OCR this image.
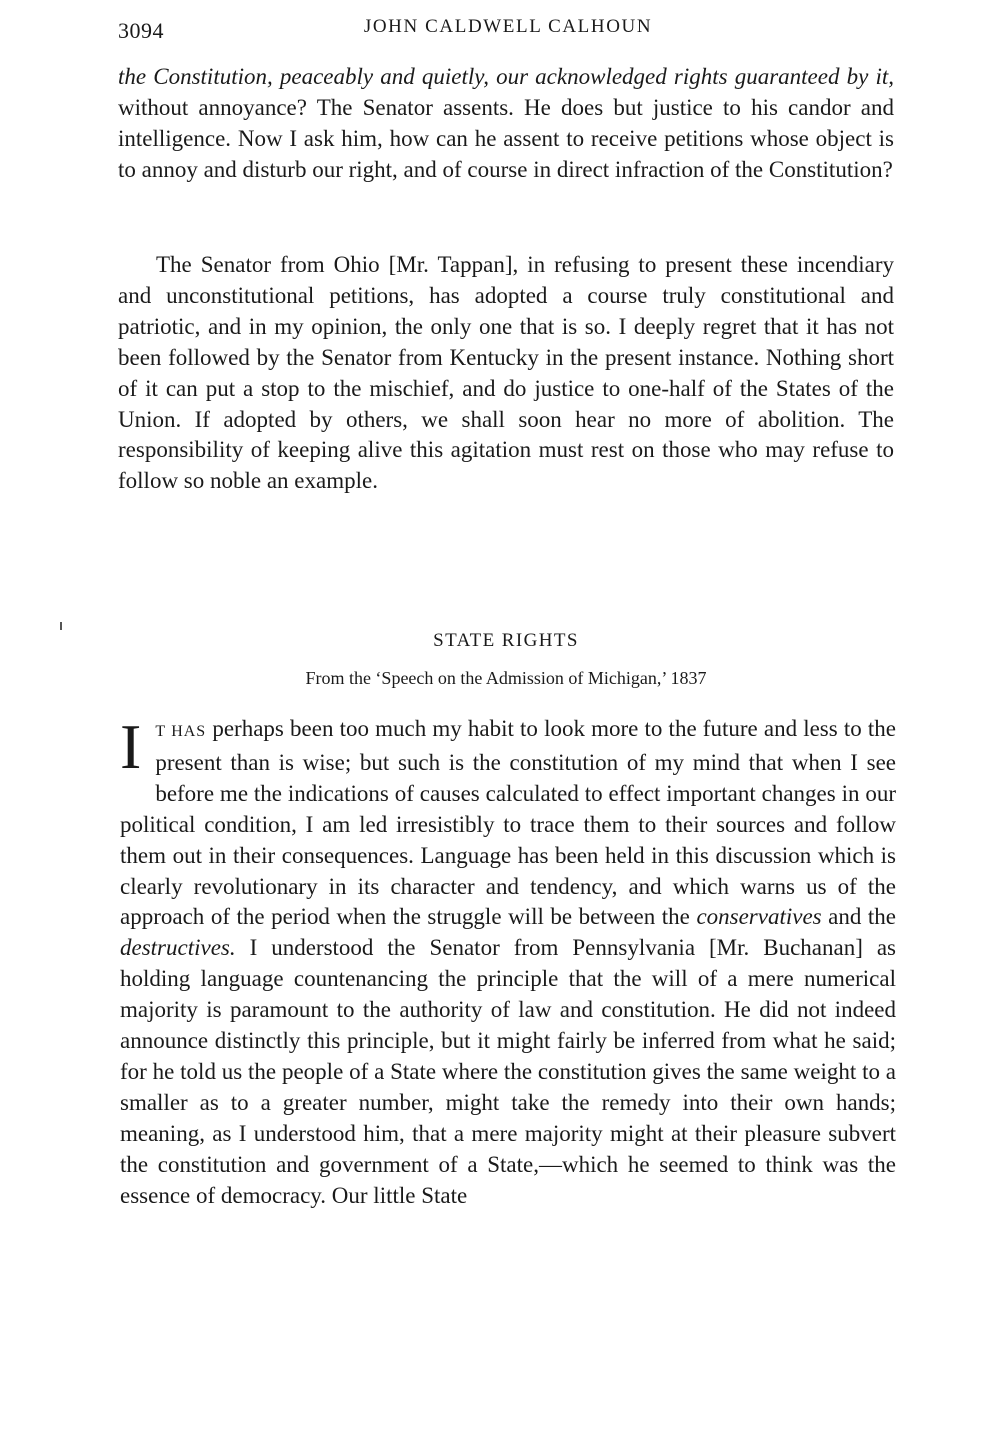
3094	JOHN CALDWELL CALHOUN

the Constitution, peaceably and quietly, our acknowledged rights guaranteed by it, without annoyance? The Senator assents. He does but justice to his candor and intelligence. Now I ask him, how can he assent to receive petitions whose object is to annoy and disturb our right, and of course in direct infraction of the Constitution?

The Senator from Ohio [Mr. Tappan], in refusing to present these incendiary and unconstitutional petitions, has adopted a course truly constitutional and patriotic, and in my opinion, the only one that is so. I deeply regret that it has not been followed by the Senator from Kentucky in the present instance. Nothing short of it can put a stop to the mischief, and do justice to one-half of the States of the Union. If adopted by others, we shall soon hear no more of abolition. The responsibility of keeping alive this agitation must rest on those who may refuse to follow so noble an example.

STATE RIGHTS
From the ‘Speech on the Admission of Michigan,’ 1837

I T HAS perhaps been too much my habit to look more to the future and less to the present than is wise; but such is the constitution of my mind that when I see before me the indications of causes calculated to effect important changes in our political condition, I am led irresistibly to trace them to their sources and follow them out in their consequences. Language has been held in this discussion which is clearly revolutionary in its character and tendency, and which warns us of the approach of the period when the struggle will be between the conservatives and the destructives. I understood the Senator from Pennsylvania [Mr. Buchanan] as holding language countenancing the principle that the will of a mere numerical majority is paramount to the authority of law and constitution. He did not indeed announce distinctly this principle, but it might fairly be inferred from what he said; for he told us the people of a State where the constitution gives the same weight to a smaller as to a greater number, might take the remedy into their own hands; meaning, as I understood him, that a mere majority might at their pleasure subvert the constitution and government of a State,—which he seemed to think was the essence of democracy. Our little State
